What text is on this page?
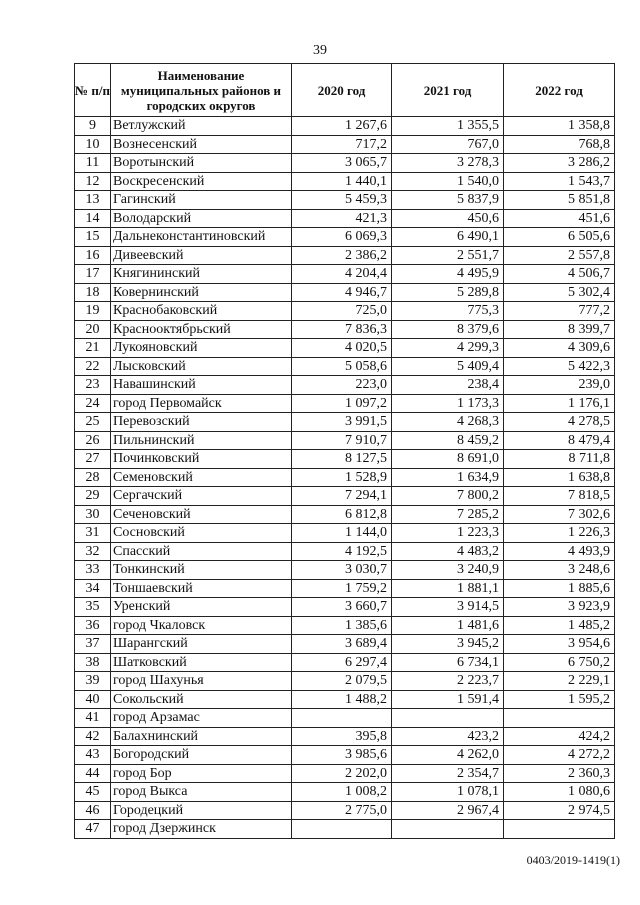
39
№ п/п	Наименование муниципальных районов и городских округов	2020 год	2021 год	2022 год
9	Ветлужский	1 267,6	1 355,5	1 358,8
10	Вознесенский	717,2	767,0	768,8
11	Воротынский	3 065,7	3 278,3	3 286,2
12	Воскресенский	1 440,1	1 540,0	1 543,7
13	Гагинский	5 459,3	5 837,9	5 851,8
14	Володарский	421,3	450,6	451,6
15	Дальнеконстантиновский	6 069,3	6 490,1	6 505,6
16	Дивеевский	2 386,2	2 551,7	2 557,8
17	Княгининский	4 204,4	4 495,9	4 506,7
18	Ковернинский	4 946,7	5 289,8	5 302,4
19	Краснобаковский	725,0	775,3	777,2
20	Краснооктябрьский	7 836,3	8 379,6	8 399,7
21	Лукояновский	4 020,5	4 299,3	4 309,6
22	Лысковский	5 058,6	5 409,4	5 422,3
23	Навашинский	223,0	238,4	239,0
24	город Первомайск	1 097,2	1 173,3	1 176,1
25	Перевозский	3 991,5	4 268,3	4 278,5
26	Пильнинский	7 910,7	8 459,2	8 479,4
27	Починковский	8 127,5	8 691,0	8 711,8
28	Семеновский	1 528,9	1 634,9	1 638,8
29	Сергачский	7 294,1	7 800,2	7 818,5
30	Сеченовский	6 812,8	7 285,2	7 302,6
31	Сосновский	1 144,0	1 223,3	1 226,3
32	Спасский	4 192,5	4 483,2	4 493,9
33	Тонкинский	3 030,7	3 240,9	3 248,6
34	Тоншаевский	1 759,2	1 881,1	1 885,6
35	Уренский	3 660,7	3 914,5	3 923,9
36	город Чкаловск	1 385,6	1 481,6	1 485,2
37	Шарангский	3 689,4	3 945,2	3 954,6
38	Шатковский	6 297,4	6 734,1	6 750,2
39	город Шахунья	2 079,5	2 223,7	2 229,1
40	Сокольский	1 488,2	1 591,4	1 595,2
41	город Арзамас			
42	Балахнинский	395,8	423,2	424,2
43	Богородский	3 985,6	4 262,0	4 272,2
44	город Бор	2 202,0	2 354,7	2 360,3
45	город Выкса	1 008,2	1 078,1	1 080,6
46	Городецкий	2 775,0	2 967,4	2 974,5
47	город Дзержинск			
0403/2019-1419(1)
